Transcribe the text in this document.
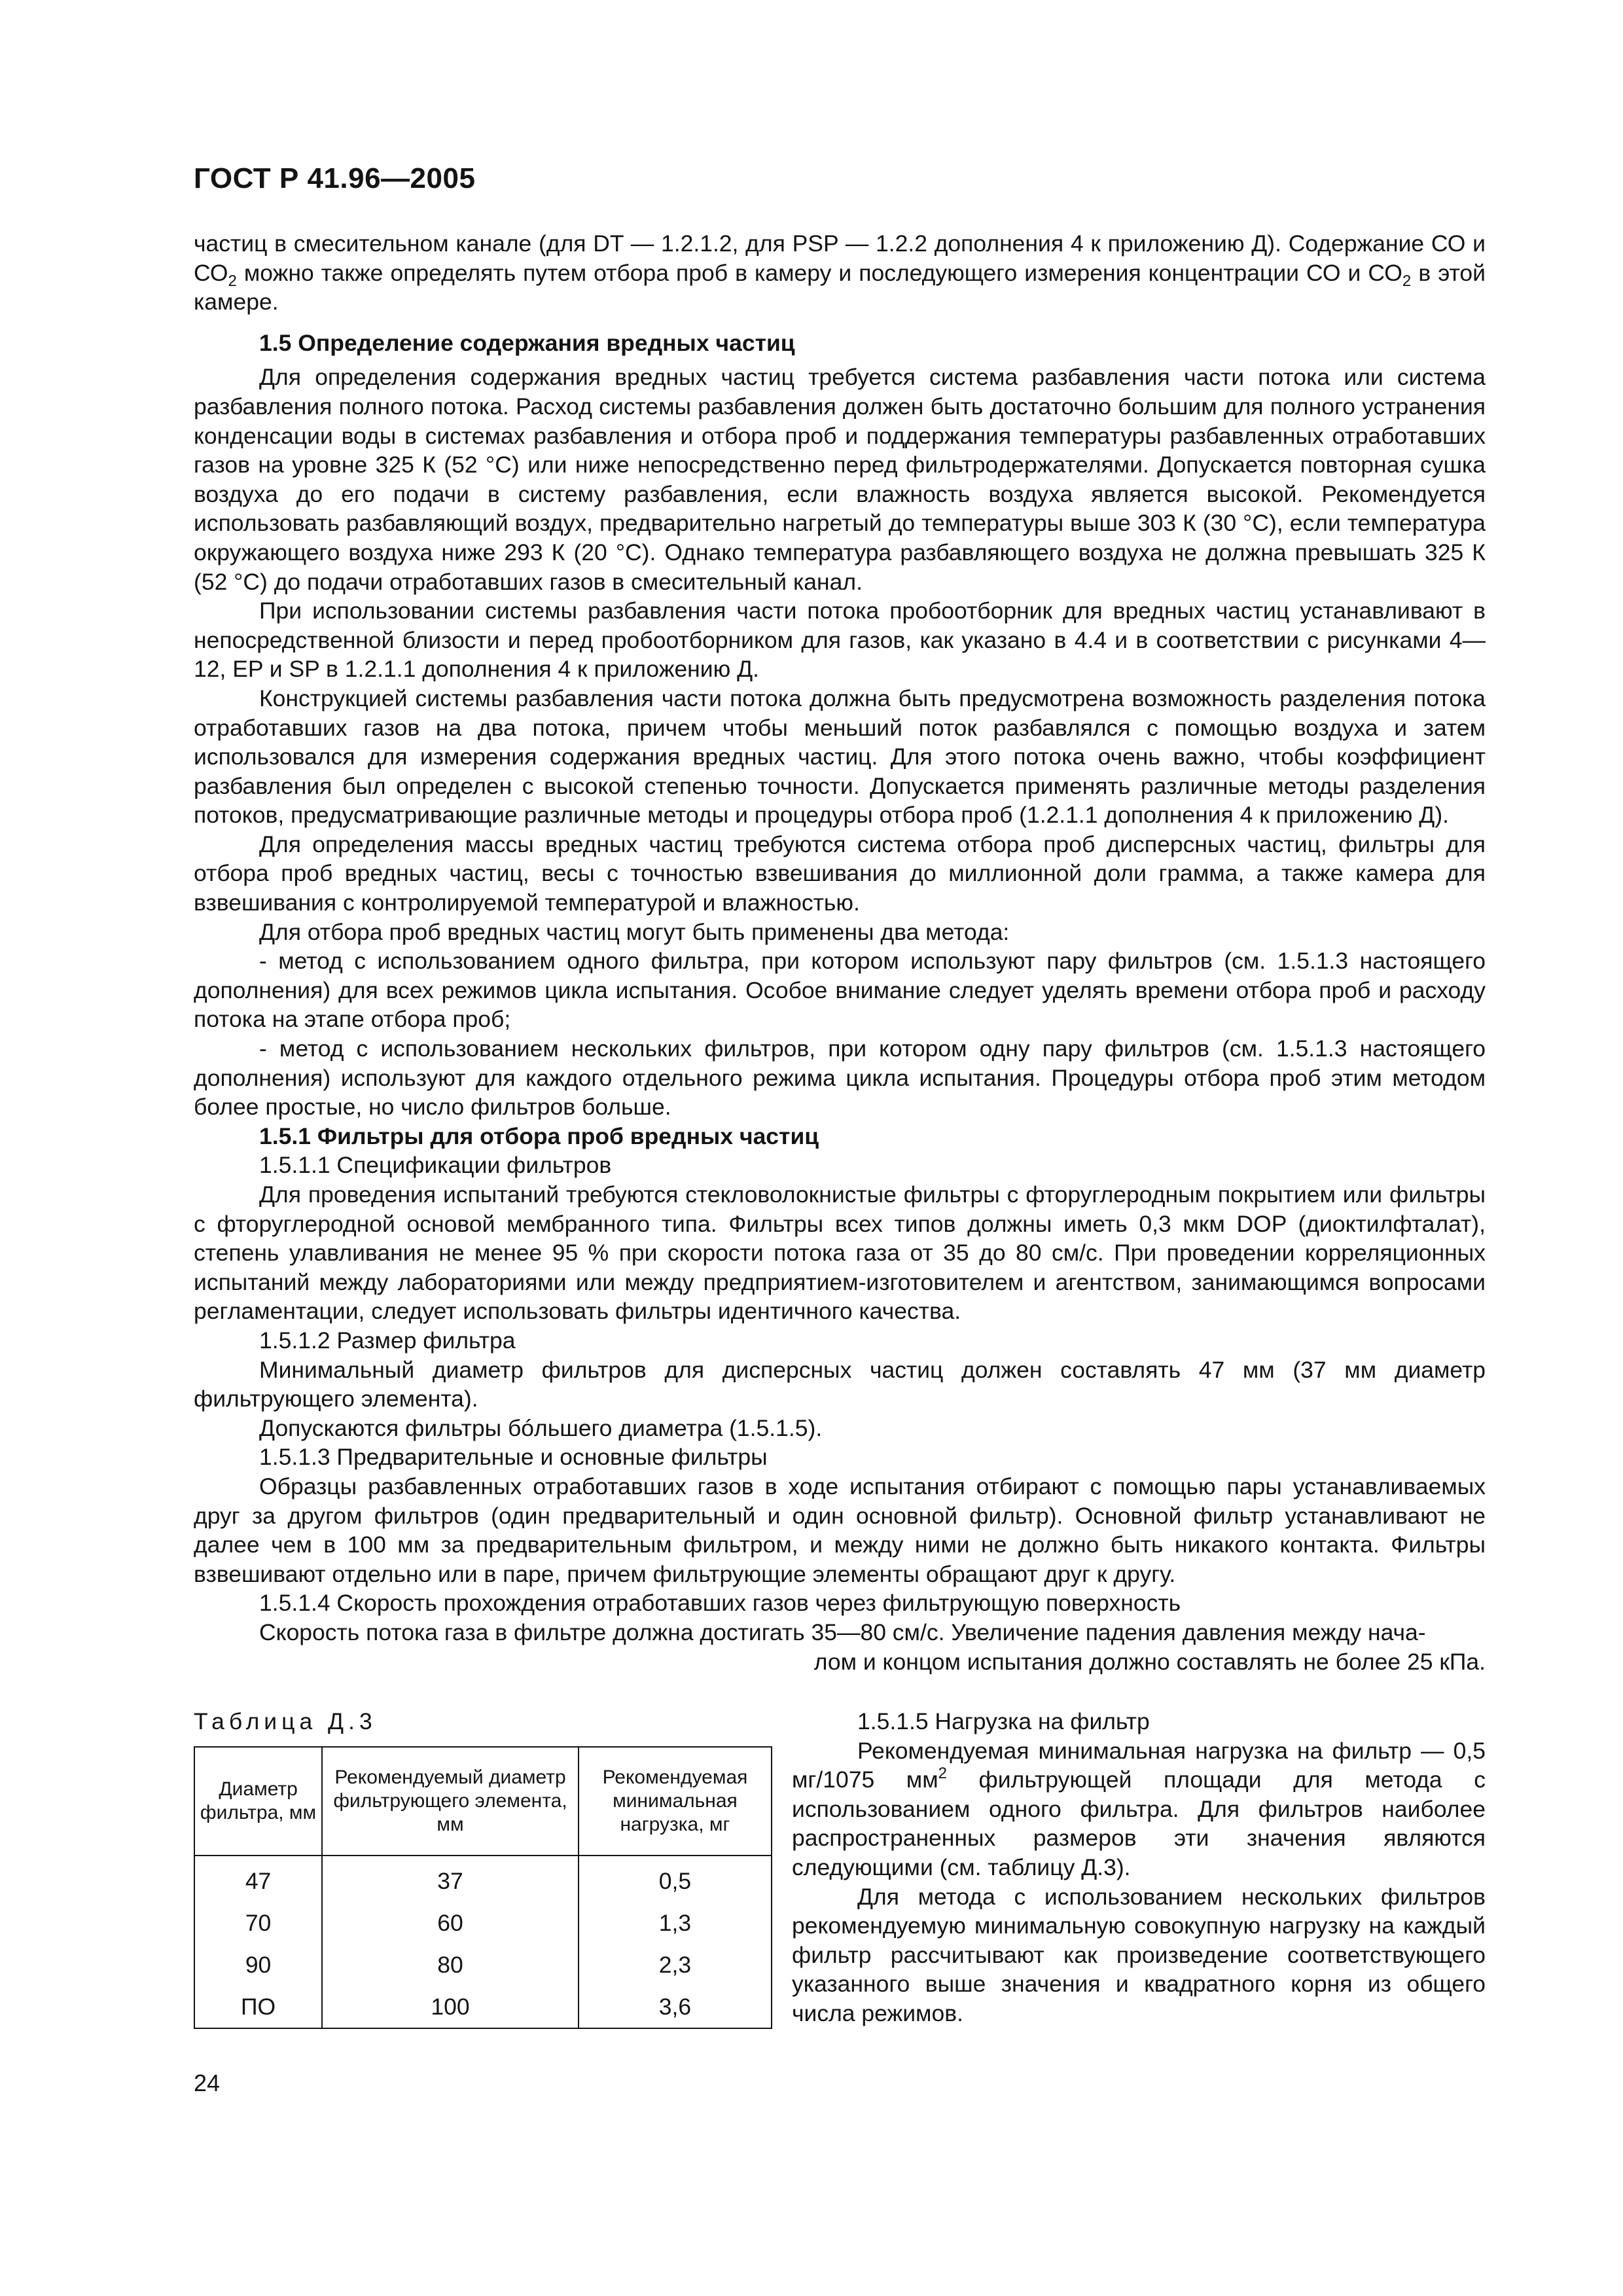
ГОСТ Р 41.96—2005

частиц в смесительном канале (для DT — 1.2.1.2, для PSP — 1.2.2 дополнения 4 к приложению Д). Содержание СО и $СО_2$ можно также определять путем отбора проб в камеру и последующего измерения концентрации СО и $СО_2$ в этой камере.

1.5 Определение содержания вредных частиц

Для определения содержания вредных частиц требуется система разбавления части потока или система разбавления полного потока. Расход системы разбавления должен быть достаточно большим для полного устранения конденсации воды в системах разбавления и отбора проб и поддержания температуры разбавленных отработавших газов на уровне 325 К (52 °С) или ниже непосредственно перед фильтродержателями. Допускается повторная сушка воздуха до его подачи в систему разбавления, если влажность воздуха является высокой. Рекомендуется использовать разбавляющий воздух, предварительно нагретый до температуры выше 303 К (30 °С), если температура окружающего воздуха ниже 293 К (20 °С). Однако температура разбавляющего воздуха не должна превышать 325 К (52 °С) до подачи отработавших газов в смесительный канал.

При использовании системы разбавления части потока пробоотборник для вредных частиц устанавливают в непосредственной близости и перед пробоотборником для газов, как указано в 4.4 и в соответствии с рисунками 4—12, EP и SP в 1.2.1.1 дополнения 4 к приложению Д.

Конструкцией системы разбавления части потока должна быть предусмотрена возможность разделения потока отработавших газов на два потока, причем чтобы меньший поток разбавлялся с помощью воздуха и затем использовался для измерения содержания вредных частиц. Для этого потока очень важно, чтобы коэффициент разбавления был определен с высокой степенью точности. Допускается применять различные методы разделения потоков, предусматривающие различные методы и процедуры отбора проб (1.2.1.1 дополнения 4 к приложению Д).

Для определения массы вредных частиц требуются система отбора проб дисперсных частиц, фильтры для отбора проб вредных частиц, весы с точностью взвешивания до миллионной доли грамма, а также камера для взвешивания с контролируемой температурой и влажностью.

Для отбора проб вредных частиц могут быть применены два метода:

- метод с использованием одного фильтра, при котором используют пару фильтров (см. 1.5.1.3 настоящего дополнения) для всех режимов цикла испытания. Особое внимание следует уделять времени отбора проб и расходу потока на этапе отбора проб;

- метод с использованием нескольких фильтров, при котором одну пару фильтров (см. 1.5.1.3 настоящего дополнения) используют для каждого отдельного режима цикла испытания. Процедуры отбора проб этим методом более простые, но число фильтров больше.

1.5.1 Фильтры для отбора проб вредных частиц

1.5.1.1 Спецификации фильтров

Для проведения испытаний требуются стекловолокнистые фильтры с фторуглеродным покрытием или фильтры с фторуглеродной основой мембранного типа. Фильтры всех типов должны иметь 0,3 мкм DOP (диоктилфталат), степень улавливания не менее 95 % при скорости потока газа от 35 до 80 см/с. При проведении корреляционных испытаний между лабораториями или между предприятием-изготовителем и агентством, занимающимся вопросами регламентации, следует использовать фильтры идентичного качества.

1.5.1.2 Размер фильтра

Минимальный диаметр фильтров для дисперсных частиц должен составлять 47 мм (37 мм диаметр фильтрующего элемента).

Допускаются фильтры бóльшего диаметра (1.5.1.5).

1.5.1.3 Предварительные и основные фильтры

Образцы разбавленных отработавших газов в ходе испытания отбирают с помощью пары устанавливаемых друг за другом фильтров (один предварительный и один основной фильтр). Основной фильтр устанавливают не далее чем в 100 мм за предварительным фильтром, и между ними не должно быть никакого контакта. Фильтры взвешивают отдельно или в паре, причем фильтрующие элементы обращают друг к другу.

1.5.1.4 Скорость прохождения отработавших газов через фильтрующую поверхность

Скорость потока газа в фильтре должна достигать 35—80 см/с. Увеличение падения давления между нача-

лом и концом испытания должно составлять не более 25 кПа.

Таблица Д.3
Диаметр фильтра, мм	Рекомендуемый диаметр фильтрующего элемента, мм	Рекомендуемая минимальная нагрузка, мг
47	37	0,5
70	60	1,3
90	80	2,3
ПО	100	3,6

1.5.1.5 Нагрузка на фильтр

Рекомендуемая минимальная нагрузка на фильтр — 0,5 мг/1075 $мм^2$ фильтрующей площади для метода с использованием одного фильтра. Для фильтров наиболее распространенных размеров эти значения являются следующими (см. таблицу Д.3).

Для метода с использованием нескольких фильтров рекомендуемую минимальную совокупную нагрузку на каждый фильтр рассчитывают как произведение соответствующего указанного выше значения и квадратного корня из общего числа режимов.

24
